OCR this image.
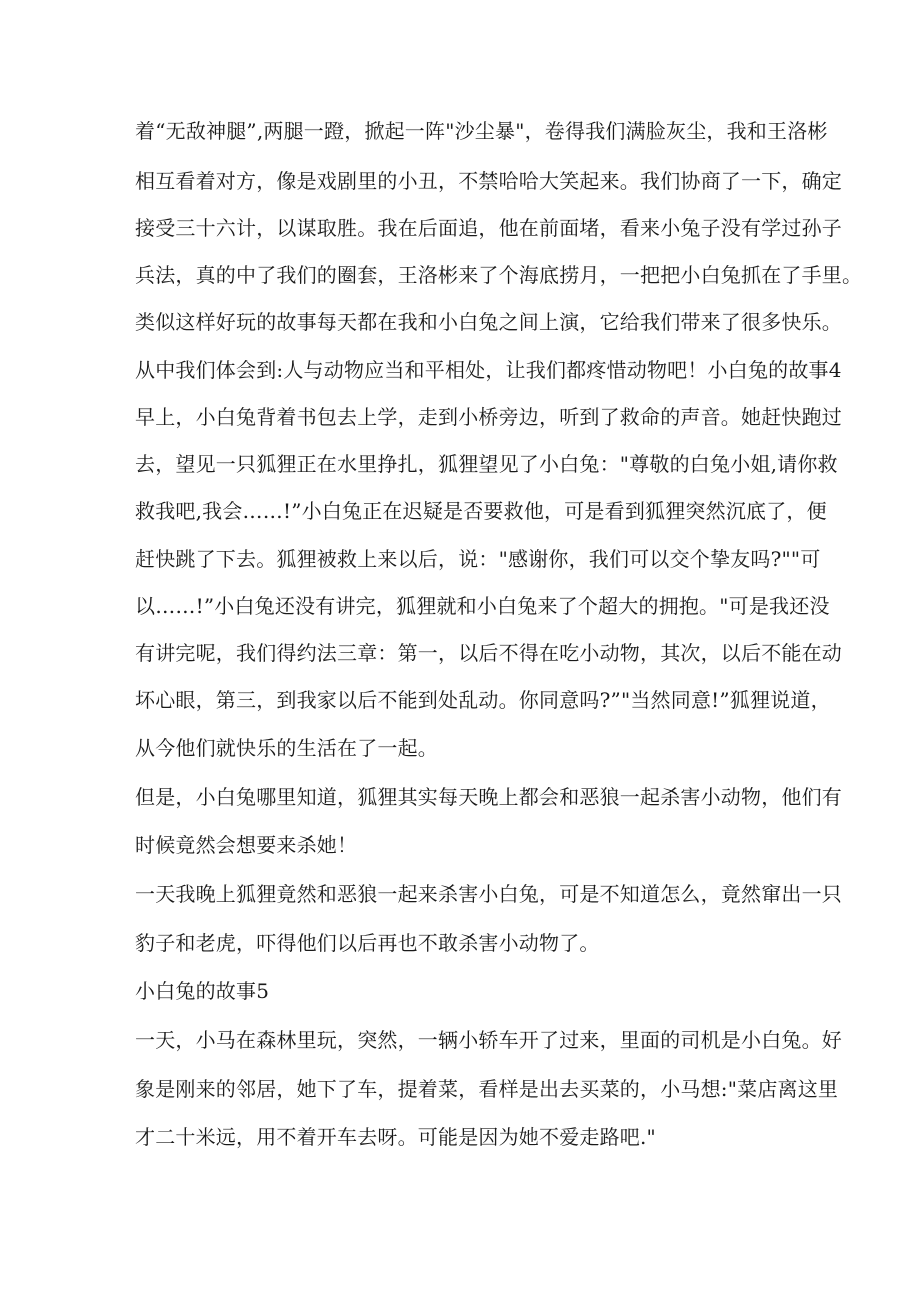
着“无敌神腿”,两腿一蹬，掀起一阵"沙尘暴"，卷得我们满脸灰尘，我和王洛彬
相互看着对方，像是戏剧里的小丑，不禁哈哈大笑起来。我们协商了一下，确定
接受三十六计，以谋取胜。我在后面追，他在前面堵，看来小兔子没有学过孙子
兵法，真的中了我们的圈套，王洛彬来了个海底捞月，一把把小白兔抓在了手里。
类似这样好玩的故事每天都在我和小白兔之间上演，它给我们带来了很多快乐。
从中我们体会到:人与动物应当和平相处，让我们都疼惜动物吧！小白兔的故事4
早上，小白兔背着书包去上学，走到小桥旁边，听到了救命的声音。她赶快跑过
去，望见一只狐狸正在水里挣扎，狐狸望见了小白兔："尊敬的白兔小姐,请你救
救我吧,我会……!”小白兔正在迟疑是否要救他，可是看到狐狸突然沉底了，便
赶快跳了下去。狐狸被救上来以后，说："感谢你，我们可以交个挚友吗?""可
以……!”小白兔还没有讲完，狐狸就和小白兔来了个超大的拥抱。"可是我还没
有讲完呢，我们得约法三章：第一，以后不得在吃小动物，其次，以后不能在动
坏心眼，第三，到我家以后不能到处乱动。你同意吗?”"当然同意!”狐狸说道，
从今他们就快乐的生活在了一起。
但是，小白兔哪里知道，狐狸其实每天晚上都会和恶狼一起杀害小动物，他们有
时候竟然会想要来杀她！
一天我晚上狐狸竟然和恶狼一起来杀害小白兔，可是不知道怎么，竟然窜出一只
豹子和老虎，吓得他们以后再也不敢杀害小动物了。
小白兔的故事5
一天，小马在森林里玩，突然，一辆小轿车开了过来，里面的司机是小白兔。好
象是刚来的邻居，她下了车，提着菜，看样是出去买菜的，小马想:"菜店离这里
才二十米远，用不着开车去呀。可能是因为她不爱走路吧."
